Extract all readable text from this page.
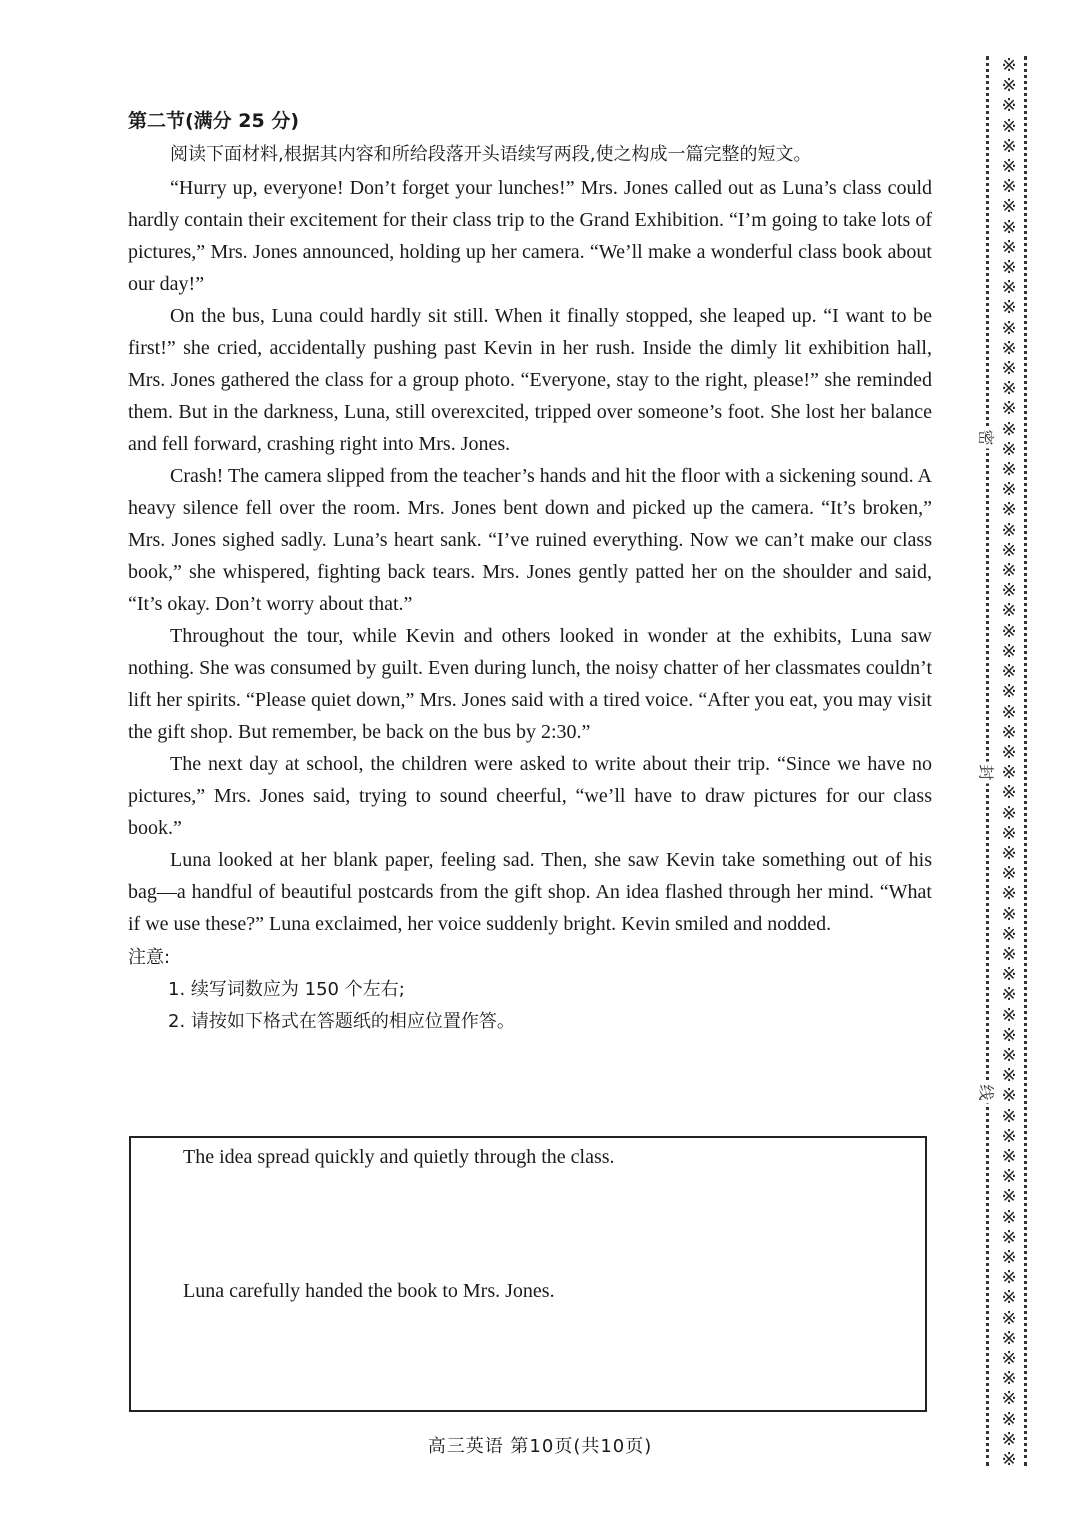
第二节(满分 25 分)

阅读下面材料,根据其内容和所给段落开头语续写两段,使之构成一篇完整的短文。

“Hurry up, everyone! Don’t forget your lunches!” Mrs. Jones called out as Luna’s class could hardly contain their excitement for their class trip to the Grand Exhibition. “I’m going to take lots of pictures,” Mrs. Jones announced, holding up her camera. “We’ll make a wonderful class book about our day!”

On the bus, Luna could hardly sit still. When it finally stopped, she leaped up. “I want to be first!” she cried, accidentally pushing past Kevin in her rush. Inside the dimly lit exhibition hall, Mrs. Jones gathered the class for a group photo. “Everyone, stay to the right, please!” she reminded them. But in the darkness, Luna, still overexcited, tripped over someone’s foot. She lost her balance and fell forward, crashing right into Mrs. Jones.

Crash! The camera slipped from the teacher’s hands and hit the floor with a sickening sound. A heavy silence fell over the room. Mrs. Jones bent down and picked up the camera. “It’s broken,” Mrs. Jones sighed sadly. Luna’s heart sank. “I’ve ruined everything. Now we can’t make our class book,” she whispered, fighting back tears. Mrs. Jones gently patted her on the shoulder and said, “It’s okay. Don’t worry about that.”

Throughout the tour, while Kevin and others looked in wonder at the exhibits, Luna saw nothing. She was consumed by guilt. Even during lunch, the noisy chatter of her classmates couldn’t lift her spirits. “Please quiet down,” Mrs. Jones said with a tired voice. “After you eat, you may visit the gift shop. But remember, be back on the bus by 2:30.”

The next day at school, the children were asked to write about their trip. “Since we have no pictures,” Mrs. Jones said, trying to sound cheerful, “we’ll have to draw pictures for our class book.”

Luna looked at her blank paper, feeling sad. Then, she saw Kevin take something out of his bag—a handful of beautiful postcards from the gift shop. An idea flashed through her mind. “What if we use these?” Luna exclaimed, her voice suddenly bright. Kevin smiled and nodded.

注意:

1. 续写词数应为 150 个左右;

2. 请按如下格式在答题纸的相应位置作答。

The idea spread quickly and quietly through the class.
Luna carefully handed the book to Mrs. Jones.
高三英语 第10页(共10页)
※
※
※
※
※
※
※
※
※
※
※
※
※
※
※
※
※
※
※
※
※
※
※
※
※
※
※
※
※
※
※
※
※
※
※
※
※
※
※
※
※
※
※
※
※
※
※
※
※
※
※
※
※
※
※
※
※
※
※
※
※
※
※
※
※
※
※
※
※
※
密
封
线
